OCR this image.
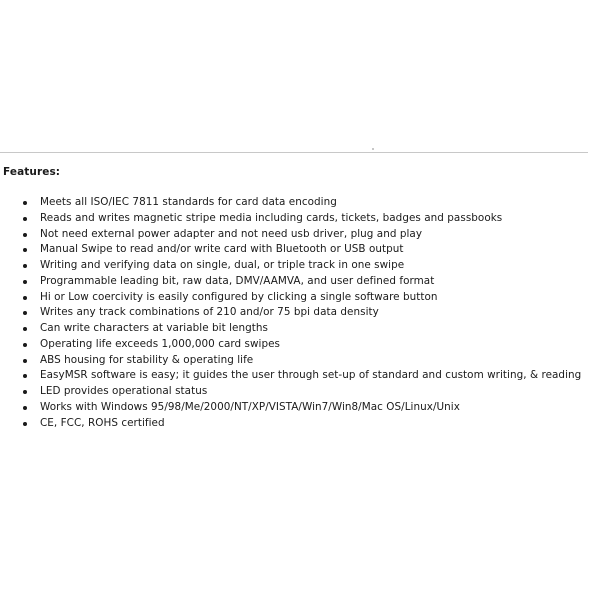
Features:
Meets all ISO/IEC 7811 standards for card data encoding
Reads and writes magnetic stripe media including cards, tickets, badges and passbooks
Not need external power adapter and not need usb driver, plug and play
Manual Swipe to read and/or write card with Bluetooth or USB output
Writing and verifying data on single, dual, or triple track in one swipe
Programmable leading bit, raw data, DMV/AAMVA, and user defined format
Hi or Low coercivity is easily configured by clicking a single software button
Writes any track combinations of 210 and/or 75 bpi data density
Can write characters at variable bit lengths
Operating life exceeds 1,000,000 card swipes
ABS housing for stability & operating life
EasyMSR software is easy; it guides the user through set-up of standard and custom writing, & reading
LED provides operational status
Works with Windows 95/98/Me/2000/NT/XP/VISTA/Win7/Win8/Mac OS/Linux/Unix
CE, FCC, ROHS certified
